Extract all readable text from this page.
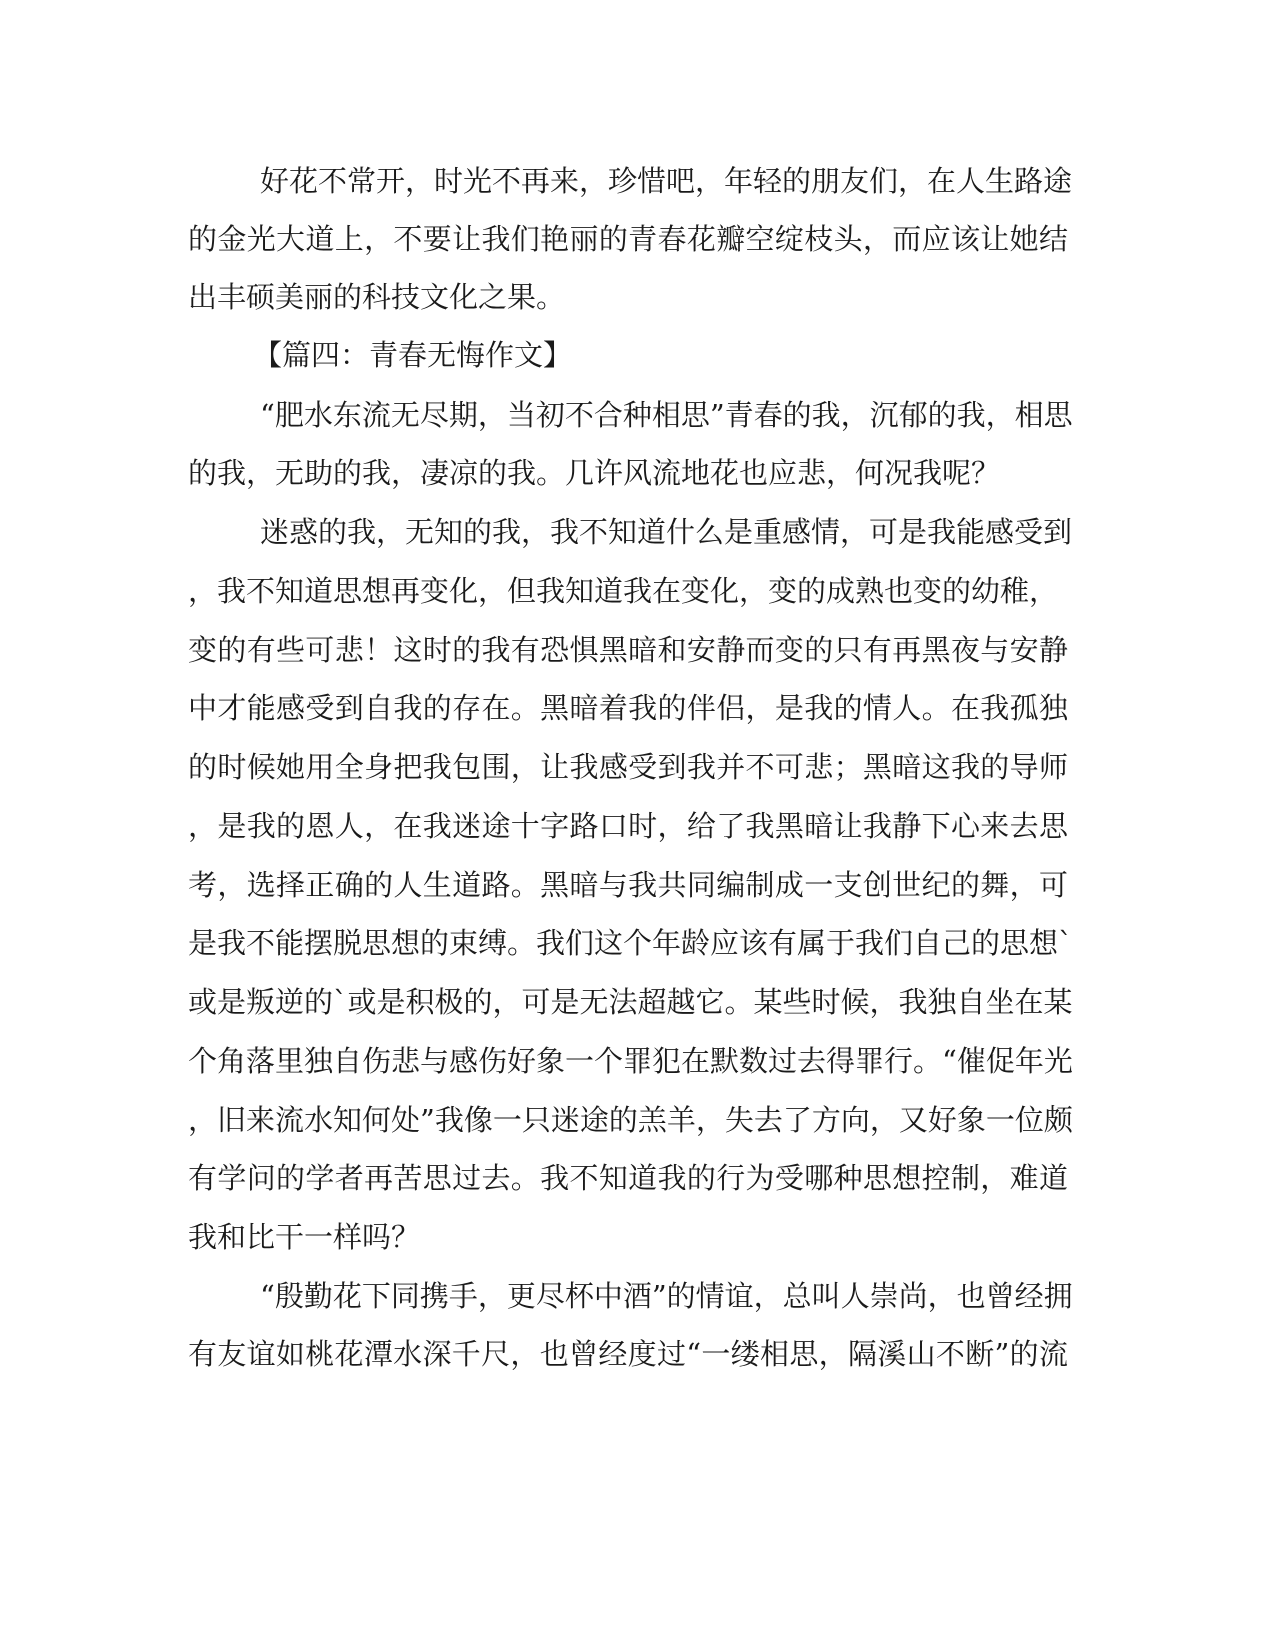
好花不常开，时光不再来，珍惜吧，年轻的朋友们，在人生路途
的金光大道上，不要让我们艳丽的青春花瓣空绽枝头，而应该让她结
出丰硕美丽的科技文化之果。
【篇四：青春无悔作文】
“肥水东流无尽期，当初不合种相思”青春的我，沉郁的我，相思
的我，无助的我，凄凉的我。几许风流地花也应悲，何况我呢？
迷惑的我，无知的我，我不知道什么是重感情，可是我能感受到
，我不知道思想再变化，但我知道我在变化，变的成熟也变的幼稚，
变的有些可悲！这时的我有恐惧黑暗和安静而变的只有再黑夜与安静
中才能感受到自我的存在。黑暗着我的伴侣，是我的情人。在我孤独
的时候她用全身把我包围，让我感受到我并不可悲；黑暗这我的导师
，是我的恩人，在我迷途十字路口时，给了我黑暗让我静下心来去思
考，选择正确的人生道路。黑暗与我共同编制成一支创世纪的舞，可
是我不能摆脱思想的束缚。我们这个年龄应该有属于我们自己的思想`
或是叛逆的`或是积极的，可是无法超越它。某些时候，我独自坐在某
个角落里独自伤悲与感伤好象一个罪犯在默数过去得罪行。“催促年光
，旧来流水知何处”我像一只迷途的羔羊，失去了方向，又好象一位颇
有学问的学者再苦思过去。我不知道我的行为受哪种思想控制，难道
我和比干一样吗？
“殷勤花下同携手，更尽杯中酒”的情谊，总叫人崇尚，也曾经拥
有友谊如桃花潭水深千尺，也曾经度过“一缕相思，隔溪山不断”的流
